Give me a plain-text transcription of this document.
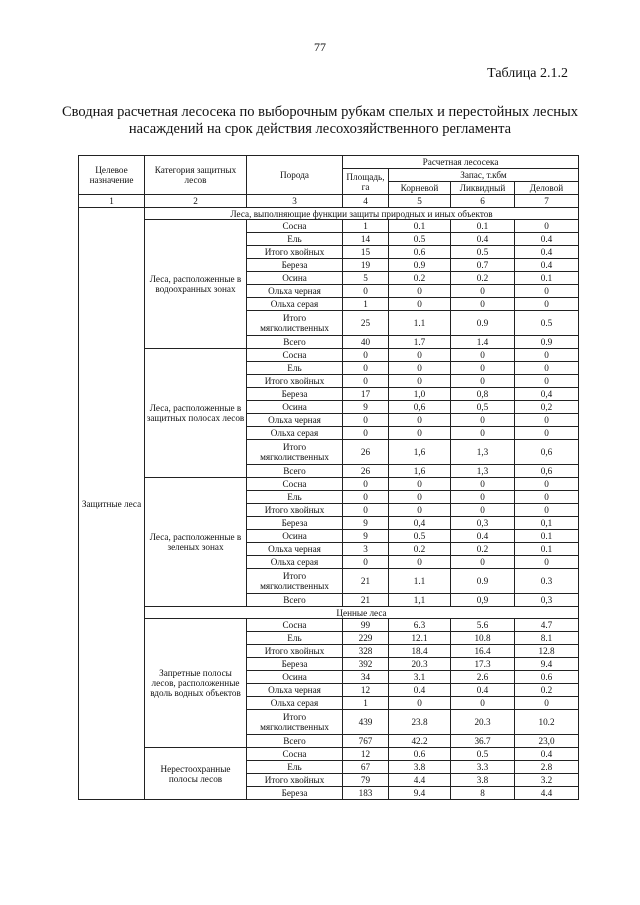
77
Таблица 2.1.2
Сводная расчетная лесосека по выборочным рубкам спелых и перестойных лесных насаждений на срок действия лесохозяйственного регламента
Целевое назначение	Категория защитных лесов	Порода	Расчетная лесосека			
			Площадь, га	Запас, т.кбм		
				Корневой	Ликвидный	Деловой
1	2	3	4	5	6	7
Защитные леса	Леса, выполняющие функции защиты природных и иных объектов					
	Леса, расположенные в водоохранных зонах	Сосна	1	0.1	0.1	0
		Ель	14	0.5	0.4	0.4
		Итого хвойных	15	0.6	0.5	0.4
		Береза	19	0.9	0.7	0.4
		Осина	5	0.2	0.2	0.1
		Ольха черная	0	0	0	0
		Ольха серая	1	0	0	0
		Итого мягколиственных	25	1.1	0.9	0.5
		Всего	40	1.7	1.4	0.9
	Леса, расположенные в защитных полосах лесов	Сосна	0	0	0	0
		Ель	0	0	0	0
		Итого хвойных	0	0	0	0
		Береза	17	1,0	0,8	0,4
		Осина	9	0,6	0,5	0,2
		Ольха черная	0	0	0	0
		Ольха серая	0	0	0	0
		Итого мягколиственных	26	1,6	1,3	0,6
		Всего	26	1,6	1,3	0,6
	Леса, расположенные в зеленых зонах	Сосна	0	0	0	0
		Ель	0	0	0	0
		Итого хвойных	0	0	0	0
		Береза	9	0,4	0,3	0,1
		Осина	9	0.5	0.4	0.1
		Ольха черная	3	0.2	0.2	0.1
		Ольха серая	0	0	0	0
		Итого мягколиственных	21	1.1	0.9	0.3
		Всего	21	1,1	0,9	0,3
	Ценные леса					
	Запретные полосы лесов, расположенные вдоль водных объектов	Сосна	99	6.3	5.6	4.7
		Ель	229	12.1	10.8	8.1
		Итого хвойных	328	18.4	16.4	12.8
		Береза	392	20.3	17.3	9.4
		Осина	34	3.1	2.6	0.6
		Ольха черная	12	0.4	0.4	0.2
		Ольха серая	1	0	0	0
		Итого мягколиственных	439	23.8	20.3	10.2
		Всего	767	42.2	36.7	23,0
	Нерестоохранные полосы лесов	Сосна	12	0.6	0.5	0.4
		Ель	67	3.8	3.3	2.8
		Итого хвойных	79	4.4	3.8	3.2
		Береза	183	9.4	8	4.4
